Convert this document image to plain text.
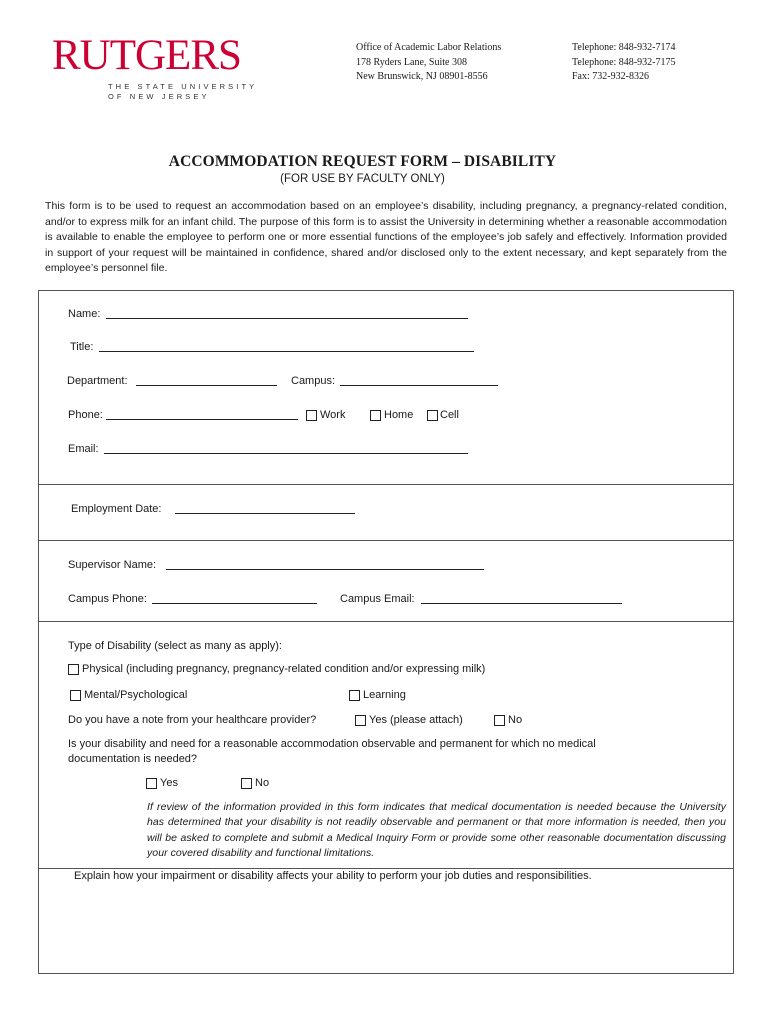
RUTGERS
THE STATE UNIVERSITY
OF NEW JERSEY
Office of Academic Labor Relations
178 Ryders Lane, Suite 308
New Brunswick, NJ 08901-8556
Telephone: 848-932-7174
Telephone: 848-932-7175
Fax: 732-932-8326
ACCOMMODATION REQUEST FORM – DISABILITY
(FOR USE BY FACULTY ONLY)
This form is to be used to request an accommodation based on an employee’s disability, including pregnancy, a pregnancy-related condition, and/or to express milk for an infant child. The purpose of this form is to assist the University in determining whether a reasonable accommodation is available to enable the employee to perform one or more essential functions of the employee’s job safely and effectively. Information provided in support of your request will be maintained in confidence, shared and/or disclosed only to the extent necessary, and kept separately from the employee’s personnel file.
Name:
Title:
Department:	Campus:
Phone:	Work	Home Cell
Email:
Employment Date:
Supervisor Name:
Campus Phone:	Campus Email:
Type of Disability (select as many as apply):
Physical (including pregnancy, pregnancy-related condition and/or expressing milk)
Mental/Psychological	Learning
Do you have a note from your healthcare provider?	Yes (please attach)	No
Is your disability and need for a reasonable accommodation observable and permanent for which no medical
documentation is needed?
Yes	No
If review of the information provided in this form indicates that medical documentation is needed because the University has determined that your disability is not readily observable and permanent or that more information is needed, then you will be asked to complete and submit a Medical Inquiry Form or provide some other reasonable documentation discussing your covered disability and functional limitations.
Explain how your impairment or disability affects your ability to perform your job duties and responsibilities.
